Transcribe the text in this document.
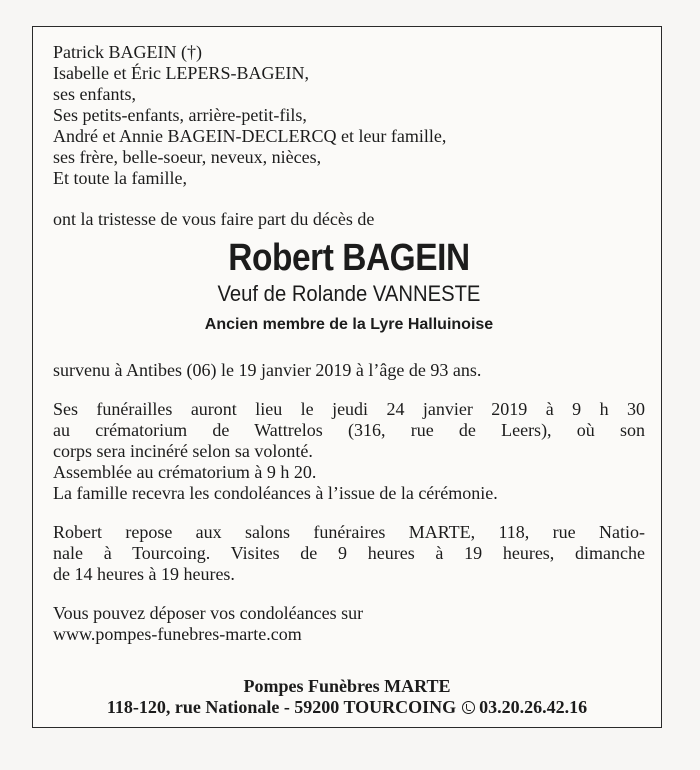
Patrick BAGEIN (†)
Isabelle et Éric LEPERS-BAGEIN,
ses enfants,
Ses petits-enfants, arrière-petit-fils,
André et Annie BAGEIN-DECLERCQ et leur famille,
ses frère, belle-soeur, neveux, nièces,
Et toute la famille,
ont la tristesse de vous faire part du décès de
Robert BAGEIN
Veuf de Rolande VANNESTE
Ancien membre de la Lyre Halluinoise
survenu à Antibes (06) le 19 janvier 2019 à l’âge de 93 ans.
Ses funérailles auront lieu le jeudi 24 janvier 2019 à 9 h 30
au crématorium de Wattrelos (316, rue de Leers), où son
corps sera incinéré selon sa volonté.
Assemblée au crématorium à 9 h 20.
La famille recevra les condoléances à l’issue de la cérémonie.
Robert repose aux salons funéraires MARTE, 118, rue Natio-
nale à Tourcoing. Visites de 9 heures à 19 heures, dimanche
de 14 heures à 19 heures.
Vous pouvez déposer vos condoléances sur
www.pompes-funebres-marte.com
Pompes Funèbres MARTE
118-120, rue Nationale - 59200 TOURCOING 03.20.26.42.16
